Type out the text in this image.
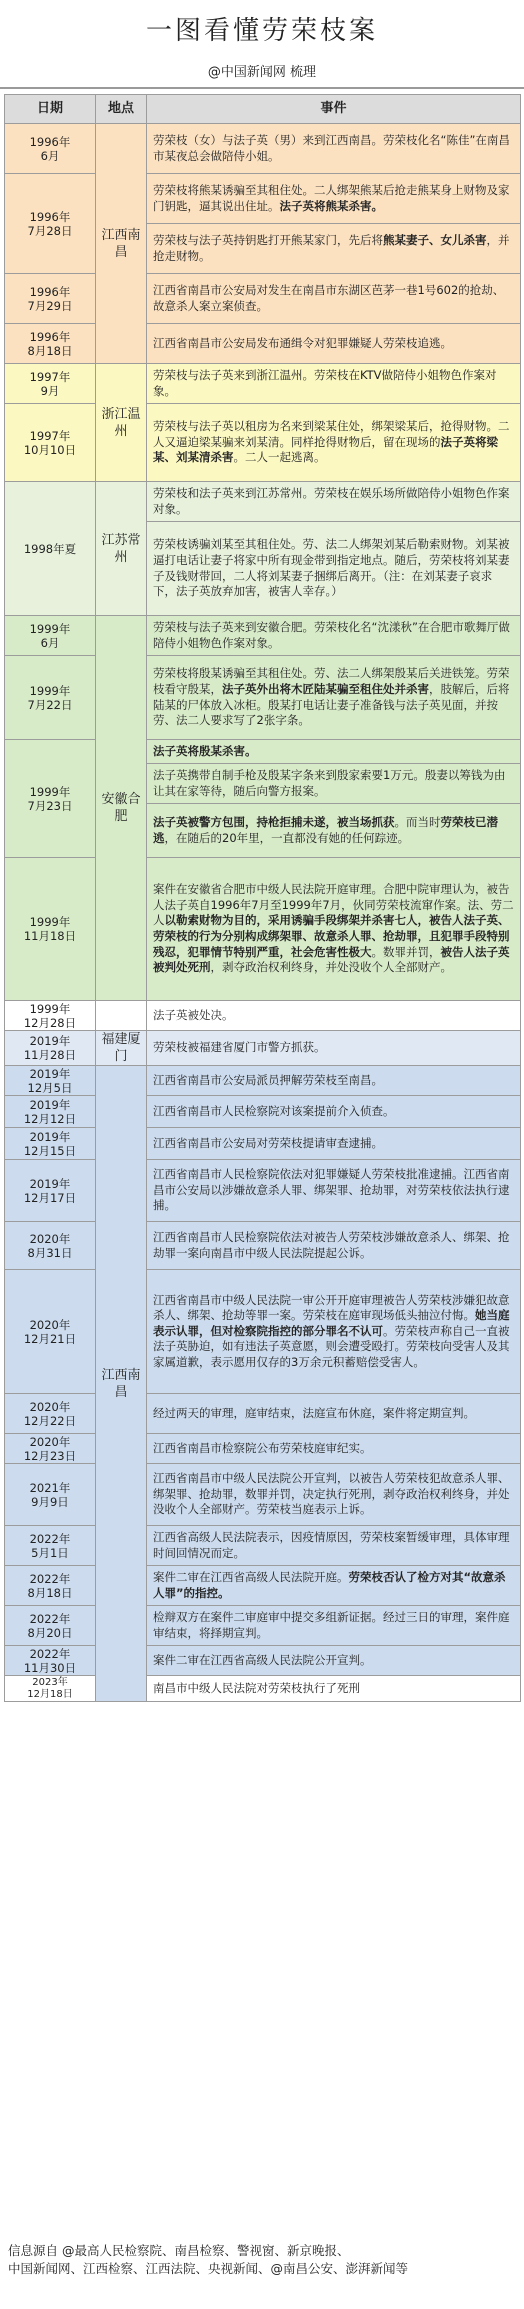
一图看懂劳荣枝案
@中国新闻网 梳理
日期	地点	事件
1996年
6月	江西南昌	劳荣枝（女）与法子英（男）来到江西南昌。劳荣枝化名“陈佳”在南昌市某夜总会做陪侍小姐。
1996年
7月28日		劳荣枝将熊某诱骗至其租住处。二人绑架熊某后抢走熊某身上财物及家门钥匙，逼其说出住址。法子英将熊某杀害。
		劳荣枝与法子英持钥匙打开熊某家门，先后将熊某妻子、女儿杀害，并抢走财物。
1996年
7月29日		江西省南昌市公安局对发生在南昌市东湖区芭茅一巷1号602的抢劫、故意杀人案立案侦查。
1996年
8月18日		江西省南昌市公安局发布通缉令对犯罪嫌疑人劳荣枝追逃。
1997年
9月	浙江温州	劳荣枝与法子英来到浙江温州。劳荣枝在KTV做陪侍小姐物色作案对象。
1997年
10月10日		劳荣枝与法子英以租房为名来到梁某住处，绑架梁某后，抢得财物。二人又逼迫梁某骗来刘某清。同样抢得财物后，留在现场的法子英将梁某、刘某清杀害。二人一起逃离。
1998年夏	江苏常州	劳荣枝和法子英来到江苏常州。劳荣枝在娱乐场所做陪侍小姐物色作案对象。
		劳荣枝诱骗刘某至其租住处。劳、法二人绑架刘某后勒索财物。刘某被逼打电话让妻子将家中所有现金带到指定地点。随后，劳荣枝将刘某妻子及钱财带回，二人将刘某妻子捆绑后离开。（注：在刘某妻子哀求下，法子英放弃加害，被害人幸存。）
1999年
6月	安徽合肥	劳荣枝与法子英来到安徽合肥。劳荣枝化名“沈漾秋”在合肥市歌舞厅做陪侍小姐物色作案对象。
1999年
7月22日		劳荣枝将殷某诱骗至其租住处。劳、法二人绑架殷某后关进铁笼。劳荣枝看守殷某，法子英外出将木匠陆某骗至租住处并杀害，肢解后，后将陆某的尸体放入冰柜。殷某打电话让妻子准备钱与法子英见面，并按劳、法二人要求写了2张字条。
1999年
7月23日		法子英将殷某杀害。
		法子英携带自制手枪及殷某字条来到殷家索要1万元。殷妻以筹钱为由让其在家等待，随后向警方报案。
		法子英被警方包围，持枪拒捕未遂，被当场抓获。而当时劳荣枝已潜逃，在随后的20年里，一直都没有她的任何踪迹。
1999年
11月18日		案件在安徽省合肥市中级人民法院开庭审理。合肥中院审理认为，被告人法子英自1996年7月至1999年7月，伙同劳荣枝流窜作案。法、劳二人以勒索财物为目的，采用诱骗手段绑架并杀害七人，被告人法子英、劳荣枝的行为分别构成绑架罪、故意杀人罪、抢劫罪，且犯罪手段特别残忍，犯罪情节特别严重，社会危害性极大。数罪并罚，被告人法子英被判处死刑，剥夺政治权利终身，并处没收个人全部财产。
1999年
12月28日		法子英被处决。
2019年
11月28日	福建厦门	劳荣枝被福建省厦门市警方抓获。
2019年
12月5日	江西南昌	江西省南昌市公安局派员押解劳荣枝至南昌。
2019年
12月12日		江西省南昌市人民检察院对该案提前介入侦查。
2019年
12月15日		江西省南昌市公安局对劳荣枝提请审查逮捕。
2019年
12月17日		江西省南昌市人民检察院依法对犯罪嫌疑人劳荣枝批准逮捕。江西省南昌市公安局以涉嫌故意杀人罪、绑架罪、抢劫罪，对劳荣枝依法执行逮捕。
2020年
8月31日		江西省南昌市人民检察院依法对被告人劳荣枝涉嫌故意杀人、绑架、抢劫罪一案向南昌市中级人民法院提起公诉。
2020年
12月21日		江西省南昌市中级人民法院一审公开开庭审理被告人劳荣枝涉嫌犯故意杀人、绑架、抢劫等罪一案。劳荣枝在庭审现场低头抽泣付悔。她当庭表示认罪，但对检察院指控的部分罪名不认可。劳荣枝声称自己一直被法子英胁迫，如有违法子英意愿，则会遭受殴打。劳荣枝向受害人及其家属道歉，表示愿用仅存的3万余元积蓄赔偿受害人。
2020年
12月22日		经过两天的审理，庭审结束，法庭宣布休庭，案件将定期宣判。
2020年
12月23日		江西省南昌市检察院公布劳荣枝庭审纪实。
2021年
9月9日		江西省南昌市中级人民法院公开宣判，以被告人劳荣枝犯故意杀人罪、绑架罪、抢劫罪，数罪并罚，决定执行死刑，剥夺政治权利终身，并处没收个人全部财产。劳荣枝当庭表示上诉。
2022年
5月1日		江西省高级人民法院表示，因疫情原因，劳荣枝案暂缓审理，具体审理时间回情况而定。
2022年
8月18日		案件二审在江西省高级人民法院开庭。劳荣枝否认了检方对其“故意杀人罪”的指控。
2022年
8月20日		检辩双方在案件二审庭审中提交多组新证据。经过三日的审理，案件庭审结束，将择期宣判。
2022年
11月30日		案件二审在江西省高级人民法院公开宣判。
2023年
12月18日		南昌市中级人民法院对劳荣枝执行了死刑
信息源自 @最高人民检察院、南昌检察、警视窗、新京晚报、
中国新闻网、江西检察、江西法院、央视新闻、@南昌公安、澎湃新闻等
